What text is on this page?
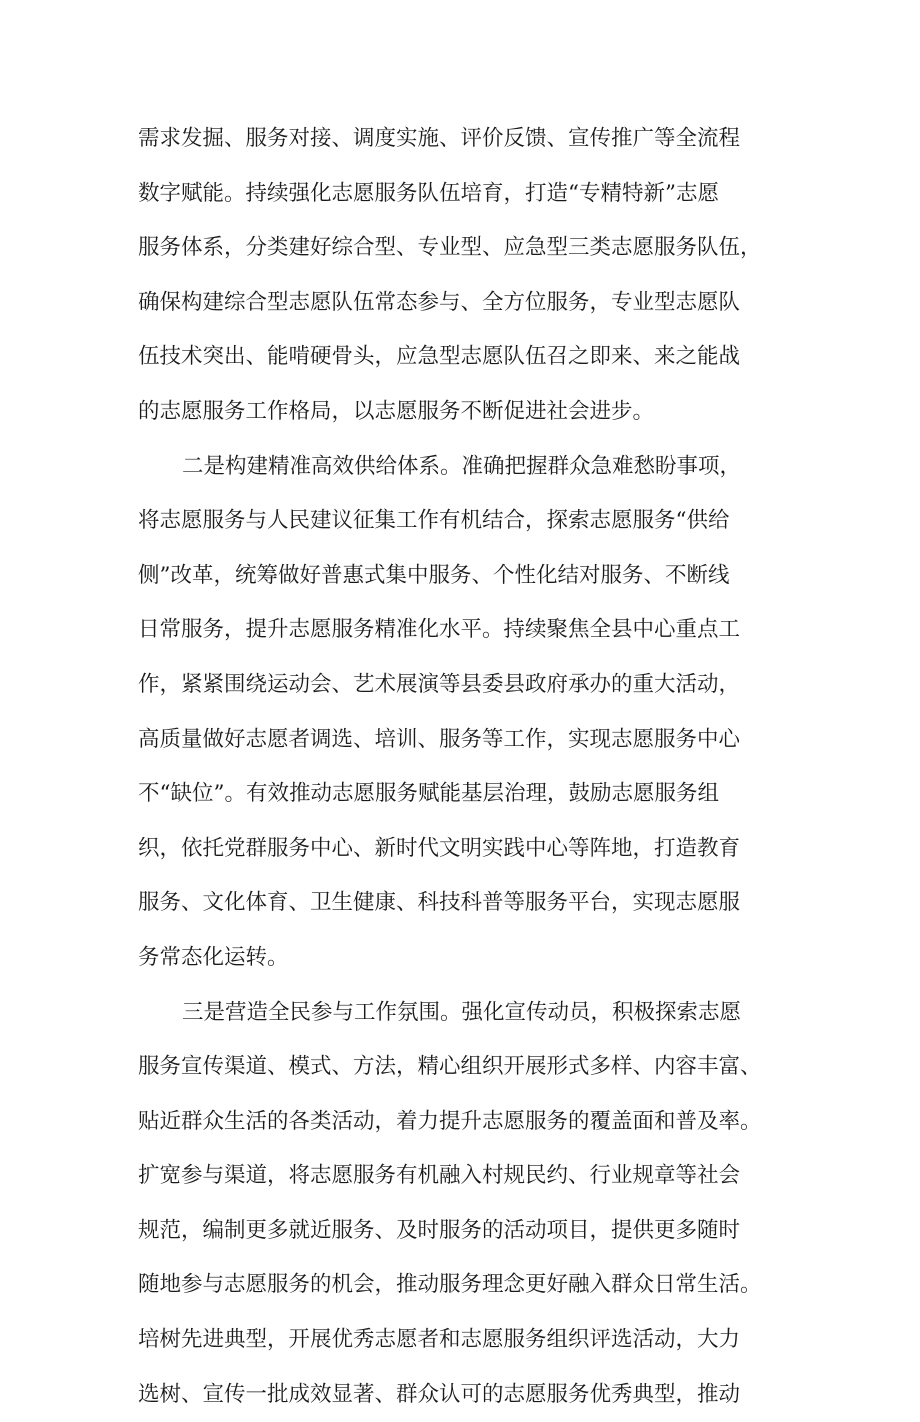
需求发掘、服务对接、调度实施、评价反馈、宣传推广等全流程
数字赋能。持续强化志愿服务队伍培育，打造“专精特新”志愿
服务体系，分类建好综合型、专业型、应急型三类志愿服务队伍，
确保构建综合型志愿队伍常态参与、全方位服务，专业型志愿队
伍技术突出、能啃硬骨头，应急型志愿队伍召之即来、来之能战
的志愿服务工作格局，以志愿服务不断促进社会进步。
二是构建精准高效供给体系。准确把握群众急难愁盼事项，
将志愿服务与人民建议征集工作有机结合，探索志愿服务“供给
侧”改革，统筹做好普惠式集中服务、个性化结对服务、不断线
日常服务，提升志愿服务精准化水平。持续聚焦全县中心重点工
作，紧紧围绕运动会、艺术展演等县委县政府承办的重大活动，
高质量做好志愿者调选、培训、服务等工作，实现志愿服务中心
不“缺位”。有效推动志愿服务赋能基层治理，鼓励志愿服务组
织，依托党群服务中心、新时代文明实践中心等阵地，打造教育
服务、文化体育、卫生健康、科技科普等服务平台，实现志愿服
务常态化运转。
三是营造全民参与工作氛围。强化宣传动员，积极探索志愿
服务宣传渠道、模式、方法，精心组织开展形式多样、内容丰富、
贴近群众生活的各类活动，着力提升志愿服务的覆盖面和普及率。
扩宽参与渠道，将志愿服务有机融入村规民约、行业规章等社会
规范，编制更多就近服务、及时服务的活动项目，提供更多随时
随地参与志愿服务的机会，推动服务理念更好融入群众日常生活。
培树先进典型，开展优秀志愿者和志愿服务组织评选活动，大力
选树、宣传一批成效显著、群众认可的志愿服务优秀典型，推动
